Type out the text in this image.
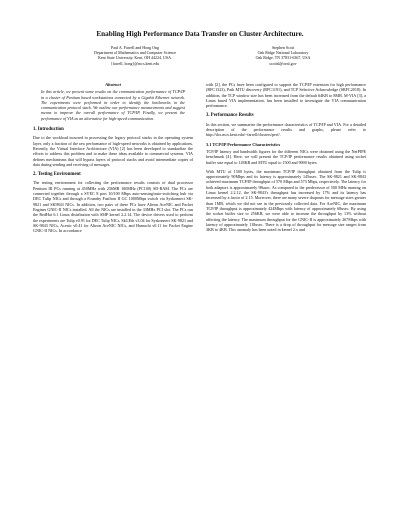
Enabling High Performance Data Transfer on Cluster Architecture.
Paul A. Farrell and Hong Ong
Department of Mathematics and Computer Science
Kent State University, Kent, OH 44224, USA.
{farrell, hong}@mcs.kent.edu
Stephen Scott
Oak Ridge National Laboratory
Oak Ridge, TN 37831-6367, USA
scottsl@ornl.gov
Abstract

In this article, we present some results on the communication performance of TCP/IP in a cluster of Pentium based workstations connected by a Gigabit Ethernet network. The experiments were performed in order to identify the bottlenecks in the communication protocol stack. We outline our performance measurements and suggest means to improve the overall performance of TCP/IP. Finally, we present the performance of VIA as an alternative for high-speed communication.

1. Introduction

Due to the workload incurred in processing the legacy protocol stacks in the operating system layer, only a fraction of the raw performance of high-speed networks is obtained by applications. Recently, the Virtual Interface Architecture (VIA) [2] has been developed to standardize the efforts to address this problem and to make these ideas available to commercial systems. VIA defines mechanisms that will bypass layers of protocol stacks and avoid intermediate copies of data during sending and receiving of messages.

2. Testing Environment

The testing environment for collecting the performance results consists of dual processor Pentium III PCs running at 450MHz with 256MB 100MHz (PC100) SD-RAM. The PCs are connected together through a SVEC 8 port 10/100 Mbps auto-sensing/auto-switching hub via DEC Tulip NICs and through a Foundry FastIron II GC 1000Mbps switch via Syskonnect SK-9821 and SK9843 NICs. In addition, two pairs of these PCs have Alteon AceNIC and Packet Engines GNIC-II NICs installed. All the NICs are installed in the 33MHz PCI slot. The PCs run the RedHat 6.1 Linux distribution with SMP kernel 2.2.14. The device drivers used to perform the experiments are Tulip v0.91 for DEC Tulip NICs, SkGEth v3.04 for Syskonnect SK-9821 and SK-9843 NICs, Acenic v0.41 for Alteon AceNIC NICs, and Hamachi v0.11 for Packet Engine GNIC-II NICs. In accordance

with [2], the PCs have been configured to support the TCP/IP extension for high performance (RFC1323), Path MTU discovery (RFC1191), and TCP Selective Acknowledge (SRFC2018). In addition, the TCP window size has been increased from the default 64KB to 8MB. M-VIA [3], a Linux based VIA implementation, has been installed to investigate the VIA communication performance.

3. Performance Results

In this section, we summarize the performance characteristics of TCP/IP and VIA. For a detailed description of the performance results and graphs, please refer to http://dcs.mcs.kent.edu/~farrell/clusters/perf/.

3.1 TCP/IP Performance Characteristics

TCP/IP latency and bandwidth figures for the different NICs were obtained using the NetPIPE benchmark [4]. Here, we will present the TCP/IP performance results obtained using socket buffer size equal to 128KB and MTU equal to 1500 and 9000 bytes.

With MTU of 1500 bytes, the maximum TCP/IP throughput obtained from the Tulip is approximately 90Mbps and its latency is approximately 145usec. The SK-9821 and SK-9843 achieved maximum TCP/IP throughput of 570 Mbps and 573 Mbps, respectively. The latency for both adaptors is approximately 98usec. As compared to the predecessor of 500 MHz running on Linux kernel 2.2.12, the SK-9843's throughput has increased by 17% and its latency has increased by a factor of 2.15. Moreover, there are many severe dropouts for message sizes greater than 1MB, which we did not see in the previously collected data. For AceNIC, the maximum TCP/IP throughput is approximately 424Mbps with latency of approximately 68usec. By using the socket buffer size to 256KB, we were able to increase the throughput by 13% without affecting the latency. The maximum throughput for the GNIC-II is approximately 267Mbps with latency of approximately 118usec. There is a drop of throughput for message size ranges from 3KB to 4KB. This anomaly has been noted in kernel 2.x and
